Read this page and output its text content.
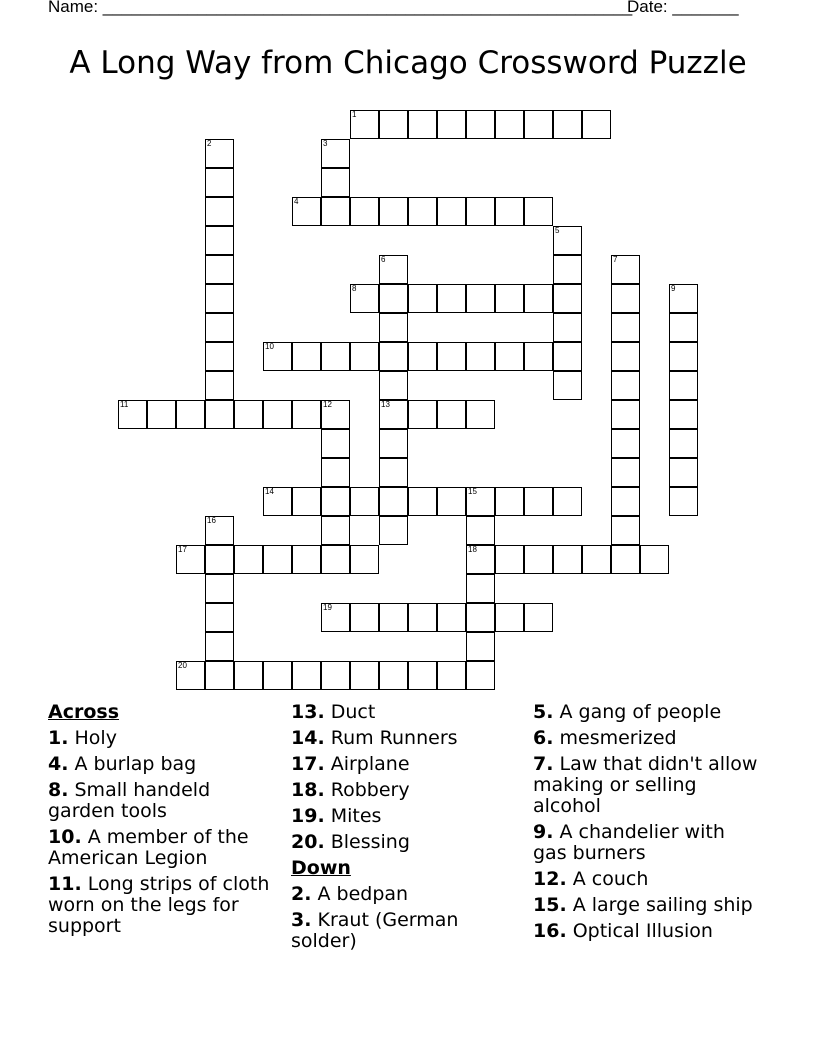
Name: ________________________________________________________
Date: _______
A Long Way from Chicago Crossword Puzzle
1
4
8
10
11	13
14	15
17	18
19
20
2	3
5
6	7
9
12
16
Across
1. Holy
4. A burlap bag
8. Small handeld garden tools
10. A member of the American Legion
11. Long strips of cloth worn on the legs for support
13. Duct
14. Rum Runners
17. Airplane
18. Robbery
19. Mites
20. Blessing
Down
2. A bedpan
3. Kraut (German solder)
5. A gang of people
6. mesmerized
7. Law that didn't allow making or selling alcohol
9. A chandelier with gas burners
12. A couch
15. A large sailing ship
16. Optical Illusion
